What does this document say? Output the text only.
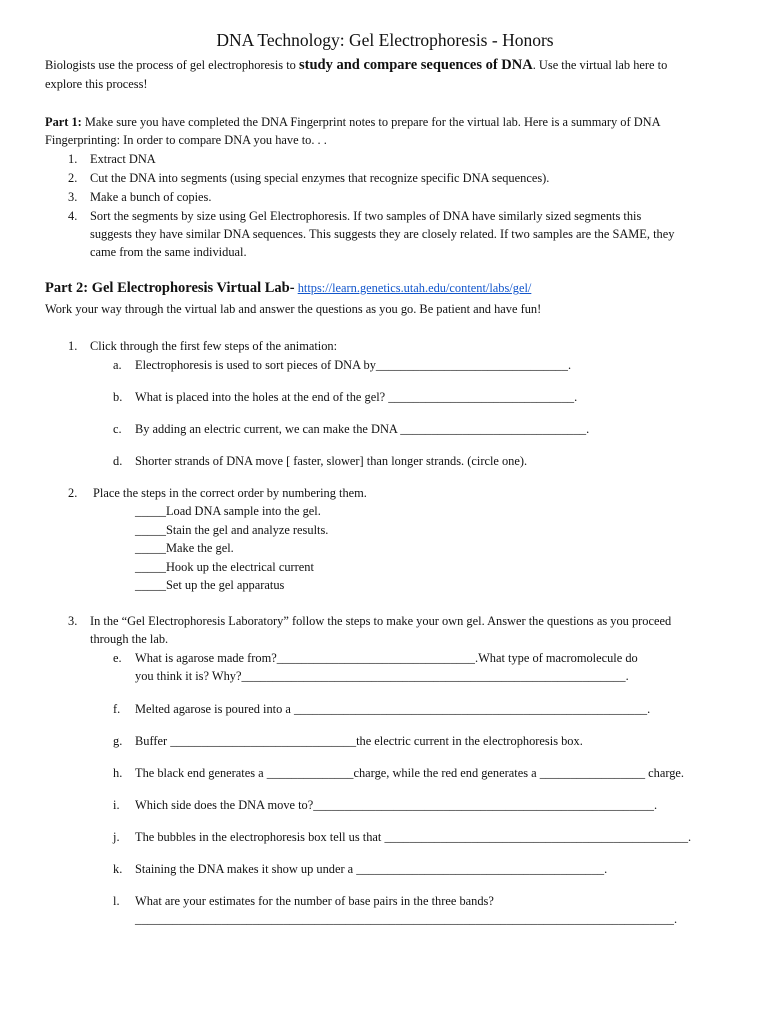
DNA Technology: Gel Electrophoresis - Honors
Biologists use the process of gel electrophoresis to study and compare sequences of DNA. Use the virtual lab here to
explore this process!
Part 1: Make sure you have completed the DNA Fingerprint notes to prepare for the virtual lab. Here is a summary of DNA
Fingerprinting: In order to compare DNA you have to. . .
1. Extract DNA
2. Cut the DNA into segments (using special enzymes that recognize specific DNA sequences).
3. Make a bunch of copies.
4. Sort the segments by size using Gel Electrophoresis. If two samples of DNA have similarly sized segments this
suggests they have similar DNA sequences. This suggests they are closely related. If two samples are the SAME, they
came from the same individual.
Part 2: Gel Electrophoresis Virtual Lab- https://learn.genetics.utah.edu/content/labs/gel/
Work your way through the virtual lab and answer the questions as you go. Be patient and have fun!
1. Click through the first few steps of the animation:
a. Electrophoresis is used to sort pieces of DNA by_______________________________.
b. What is placed into the holes at the end of the gel? ______________________________.
c. By adding an electric current, we can make the DNA ______________________________.
d. Shorter strands of DNA move [ faster, slower] than longer strands. (circle one).
2. Place the steps in the correct order by numbering them.
_____Load DNA sample into the gel.
_____Stain the gel and analyze results.
_____Make the gel.
_____Hook up the electrical current
_____Set up the gel apparatus
3. In the “Gel Electrophoresis Laboratory” follow the steps to make your own gel. Answer the questions as you proceed
through the lab.
e. What is agarose made from?________________________________.What type of macromolecule do
you think it is? Why?______________________________________________________________.
f. Melted agarose is poured into a _________________________________________________________.
g. Buffer ______________________________the electric current in the electrophoresis box.
h. The black end generates a ______________charge, while the red end generates a _________________ charge.
i. Which side does the DNA move to?_______________________________________________________.
j. The bubbles in the electrophoresis box tell us that _________________________________________________.
k. Staining the DNA makes it show up under a ________________________________________.
l. What are your estimates for the number of base pairs in the three bands?
_______________________________________________________________________________________.
